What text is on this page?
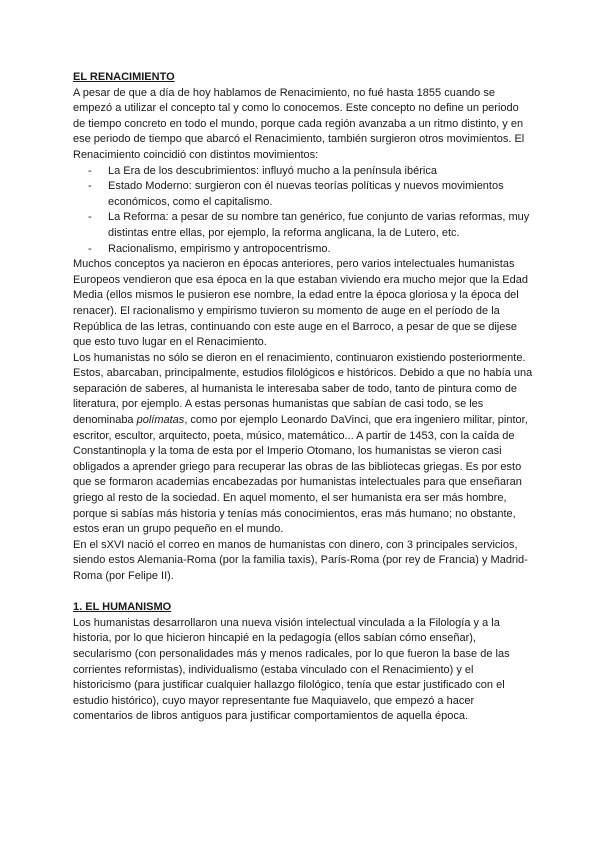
EL RENACIMIENTO

A pesar de que a día de hoy hablamos de Renacimiento, no fué hasta 1855 cuando se empezó a utilizar el concepto tal y como lo conocemos. Este concepto no define un periodo de tiempo concreto en todo el mundo, porque cada región avanzaba a un ritmo distinto, y en ese periodo de tiempo que abarcó el Renacimiento, también surgieron otros movimientos. El Renacimiento coincidió con distintos movimientos:

- La Era de los descubrimientos: influyó mucho a la península ibérica
- Estado Moderno: surgieron con él nuevas teorías políticas y nuevos movimientos económicos, como el capitalismo.
- La Reforma: a pesar de su nombre tan genérico, fue conjunto de varias reformas, muy distintas entre ellas, por ejemplo, la reforma anglicana, la de Lutero, etc.
- Racionalismo, empirismo y antropocentrismo.

Muchos conceptos ya nacieron en épocas anteriores, pero varios intelectuales humanistas Europeos vendieron que esa época en la que estaban viviendo era mucho mejor que la Edad Media (ellos mismos le pusieron ese nombre, la edad entre la época gloriosa y la época del renacer). El racionalismo y empirismo tuvieron su momento de auge en el período de la República de las letras, continuando con este auge en el Barroco, a pesar de que se dijese que esto tuvo lugar en el Renacimiento.

Los humanistas no sólo se dieron en el renacimiento, continuaron existiendo posteriormente. Estos, abarcaban, principalmente, estudios filológicos e históricos. Debido a que no había una separación de saberes, al humanista le interesaba saber de todo, tanto de pintura como de literatura, por ejemplo. A estas personas humanistas que sabían de casi todo, se les denominaba polímatas, como por ejemplo Leonardo DaVinci, que era ingeniero militar, pintor, escritor, escultor, arquitecto, poeta, músico, matemático... A partir de 1453, con la caída de Constantinopla y la toma de esta por el Imperio Otomano, los humanistas se vieron casi obligados a aprender griego para recuperar las obras de las bibliotecas griegas. Es por esto que se formaron academias encabezadas por humanistas intelectuales para que enseñaran griego al resto de la sociedad. En aquel momento, el ser humanista era ser más hombre, porque si sabías más historia y tenías más conocimientos, eras más humano; no obstante, estos eran un grupo pequeño en el mundo.

En el sXVI nació el correo en manos de humanistas con dinero, con 3 principales servicios, siendo estos Alemania-Roma (por la familia taxis), París-Roma (por rey de Francia) y Madrid-Roma (por Felipe II).

1. EL HUMANISMO

Los humanistas desarrollaron una nueva visión intelectual vinculada a la Filología y a la historia, por lo que hicieron hincapié en la pedagogía (ellos sabían cómo enseñar), secularismo (con personalidades más y menos radicales, por lo que fueron la base de las corrientes reformistas), individualismo (estaba vinculado con el Renacimiento) y el historicismo (para justificar cualquier hallazgo filológico, tenía que estar justificado con el estudio histórico), cuyo mayor representante fue Maquiavelo, que empezó a hacer comentarios de libros antiguos para justificar comportamientos de aquella época.
